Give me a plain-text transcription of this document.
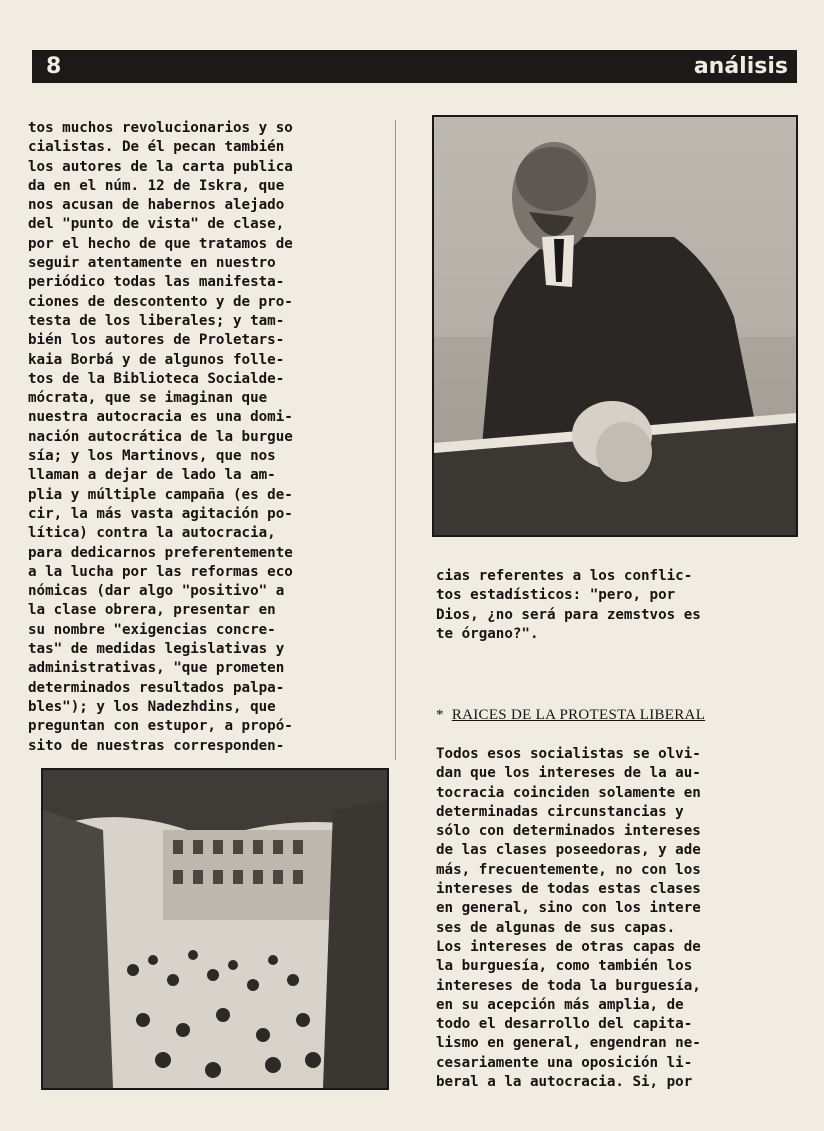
8	análisis
tos muchos revolucionarios y so
cialistas. De él pecan también
los autores de la carta publica
da en el núm. 12 de Iskra, que
nos acusan de habernos alejado
del "punto de vista" de clase,
por el hecho de que tratamos de
seguir atentamente en nuestro
periódico todas las manifesta-
ciones de descontento y de pro-
testa de los liberales; y tam-
bién los autores de Proletars-
kaia Borbá y de algunos folle-
tos de la Biblioteca Socialde-
mócrata, que se imaginan que
nuestra autocracia es una domi-
nación autocrática de la burgue
sía; y los Martinovs, que nos
llaman a dejar de lado la am-
plia y múltiple campaña (es de-
cir, la más vasta agitación po-
lítica) contra la autocracia,
para dedicarnos preferentemente
a la lucha por las reformas eco
nómicas (dar algo "positivo" a
la clase obrera, presentar en
su nombre "exigencias concre-
tas" de medidas legislativas y
administrativas, "que prometen
determinados resultados palpa-
bles"); y los Nadezhdins, que
preguntan con estupor, a propó-
sito de nuestras corresponden-
cias referentes a los conflic-
tos estadísticos: "pero, por
Dios, ¿no será para zemstvos es
te órgano?".
* RAICES DE LA PROTESTA LIBERAL
Todos esos socialistas se olvi-
dan que los intereses de la au-
tocracia coinciden solamente en
determinadas circunstancias y
sólo con determinados intereses
de las clases poseedoras, y ade
más, frecuentemente, no con los
intereses de todas estas clases
en general, sino con los intere
ses de algunas de sus capas.
Los intereses de otras capas de
la burguesía, como también los
intereses de toda la burguesía,
en su acepción más amplia, de
todo el desarrollo del capita-
lismo en general, engendran ne-
cesariamente una oposición li-
beral a la autocracia. Si, por
